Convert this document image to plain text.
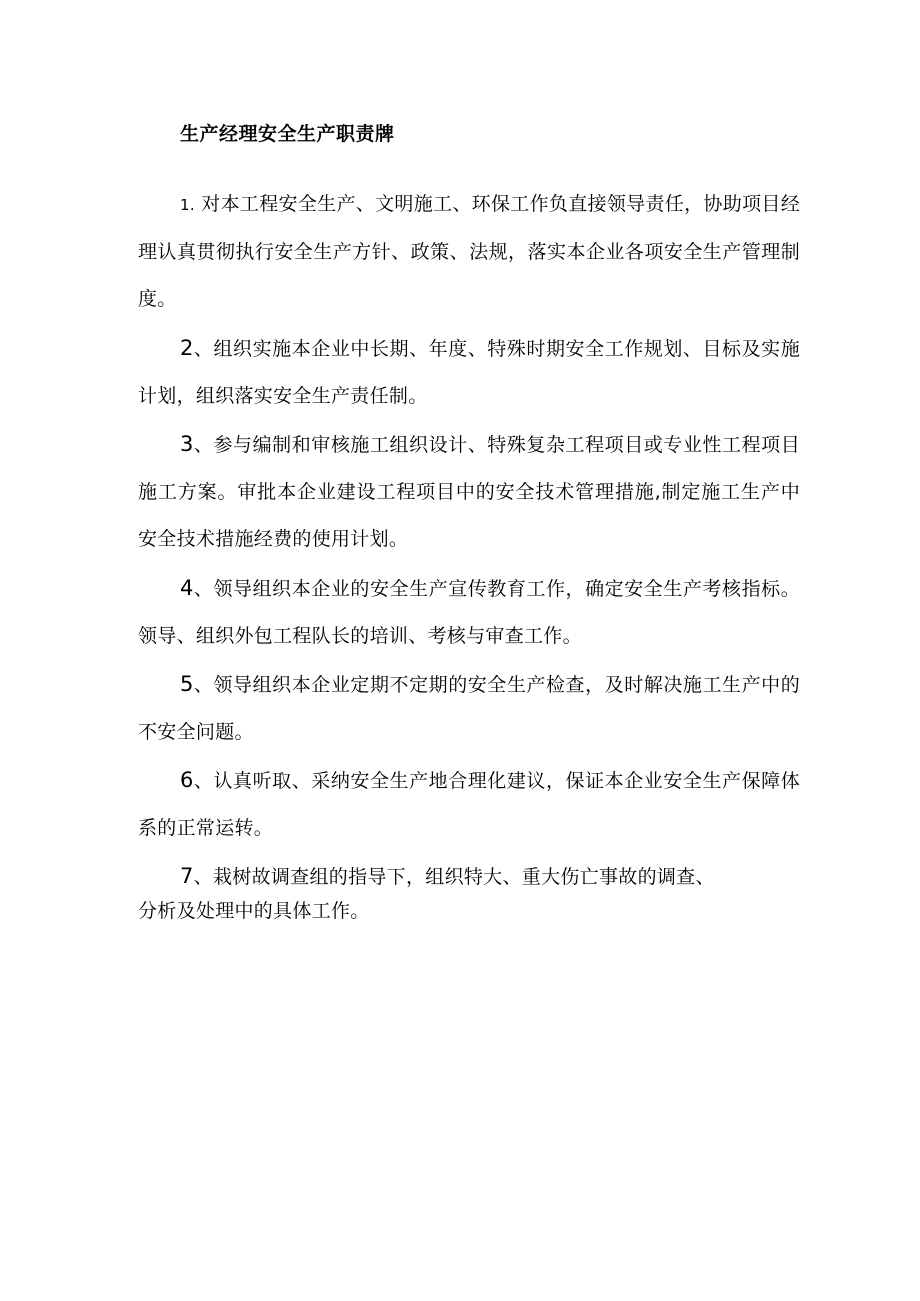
生产经理安全生产职责牌

1. 对本工程安全生产、文明施工、环保工作负直接领导责任，协助项目经理认真贯彻执行安全生产方针、政策、法规，落实本企业各项安全生产管理制度。

2、组织实施本企业中长期、年度、特殊时期安全工作规划、目标及实施计划，组织落实安全生产责任制。

3、参与编制和审核施工组织设计、特殊复杂工程项目或专业性工程项目施工方案。审批本企业建设工程项目中的安全技术管理措施,制定施工生产中安全技术措施经费的使用计划。

4、领导组织本企业的安全生产宣传教育工作，确定安全生产考核指标。领导、组织外包工程队长的培训、考核与审查工作。

5、领导组织本企业定期不定期的安全生产检查，及时解决施工生产中的不安全问题。

6、认真听取、采纳安全生产地合理化建议，保证本企业安全生产保障体系的正常运转。

7、栽树故调查组的指导下，组织特大、重大伤亡事故的调查、

分析及处理中的具体工作。
